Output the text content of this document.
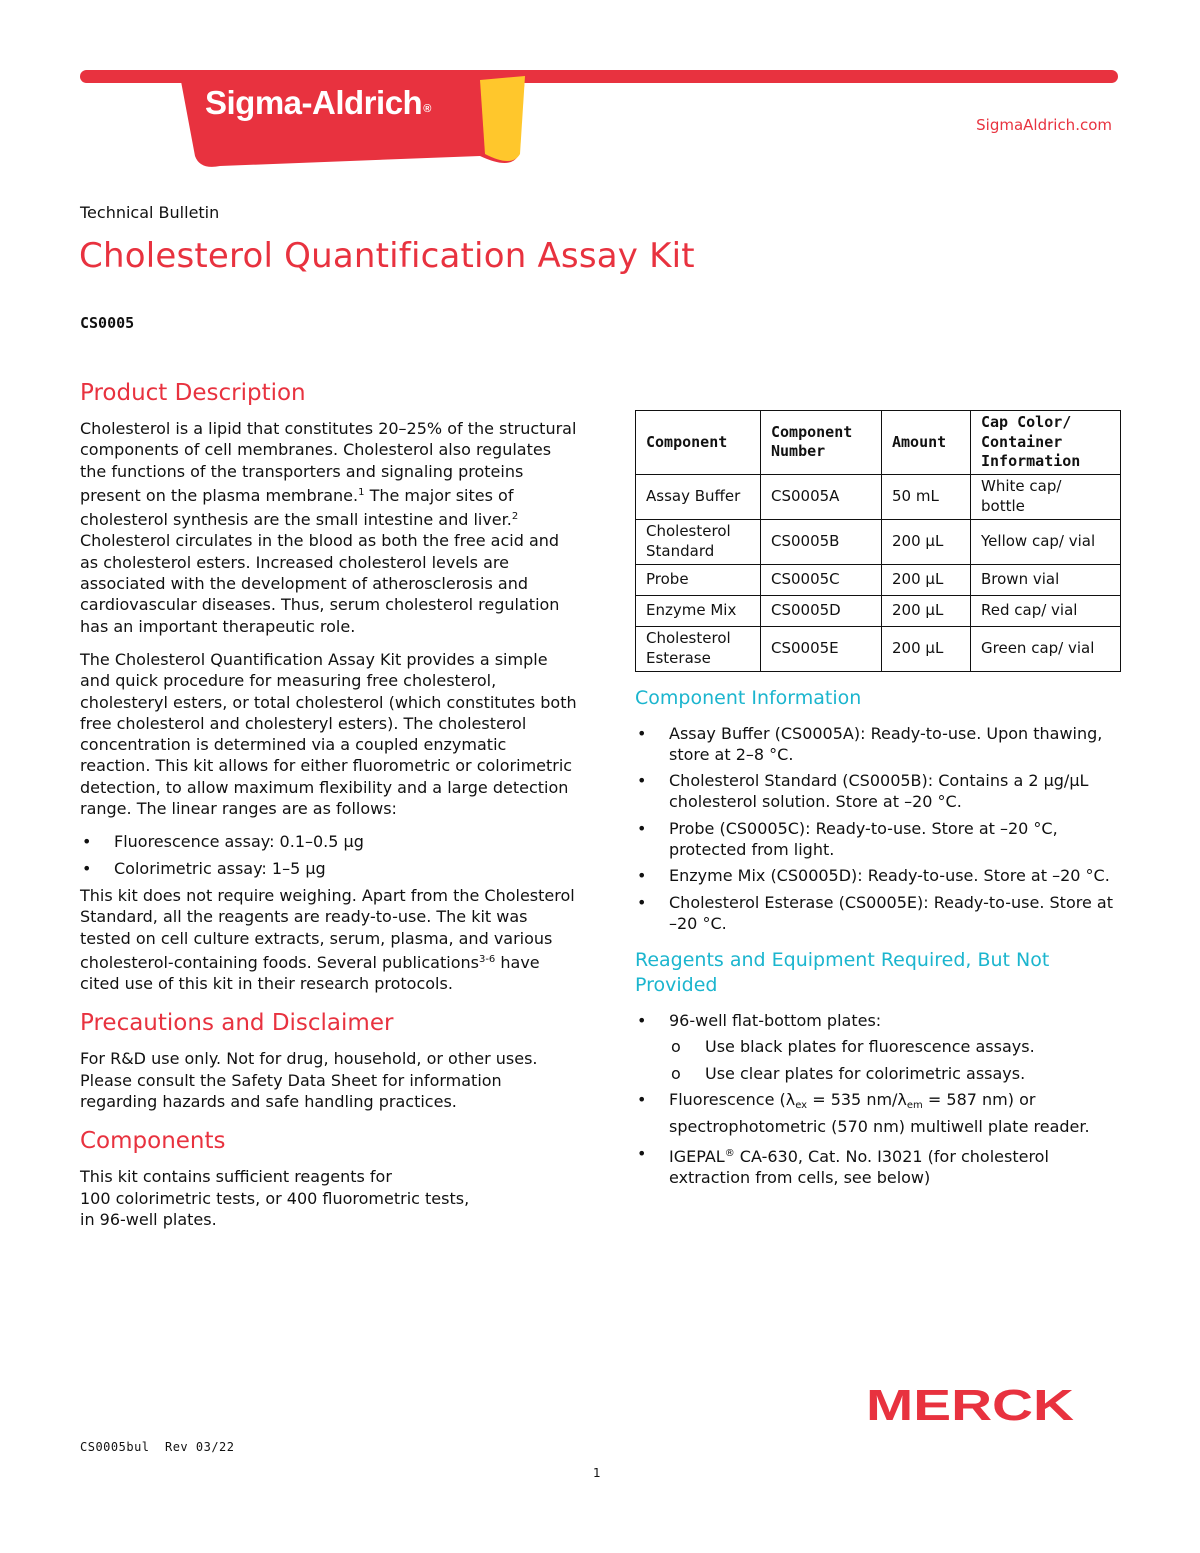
Sigma-Aldrich®
SigmaAldrich.com
Technical Bulletin
Cholesterol Quantification Assay Kit
CS0005
Product Description

Cholesterol is a lipid that constitutes 20–25% of the structural components of cell membranes. Cholesterol also regulates the functions of the transporters and signaling proteins present on the plasma membrane.$^1$ The major sites of cholesterol synthesis are the small intestine and liver.$^2$ Cholesterol circulates in the blood as both the free acid and as cholesterol esters. Increased cholesterol levels are associated with the development of atherosclerosis and cardiovascular diseases. Thus, serum cholesterol regulation has an important therapeutic role.

The Cholesterol Quantification Assay Kit provides a simple and quick procedure for measuring free cholesterol, cholesteryl esters, or total cholesterol (which constitutes both free cholesterol and cholesteryl esters). The cholesterol concentration is determined via a coupled enzymatic reaction. This kit allows for either fluorometric or colorimetric detection, to allow maximum flexibility and a large detection range. The linear ranges are as follows:

• Fluorescence assay: 0.1–0.5 µg
• Colorimetric assay: 1–5 µg

This kit does not require weighing. Apart from the Cholesterol Standard, all the reagents are ready-to-use. The kit was tested on cell culture extracts, serum, plasma, and various cholesterol-containing foods. Several publications$^{3-6}$ have cited use of this kit in their research protocols.

Precautions and Disclaimer

For R&D use only. Not for drug, household, or other uses. Please consult the Safety Data Sheet for information regarding hazards and safe handling practices.

Components

This kit contains sufficient reagents for
100 colorimetric tests, or 400 fluorometric tests,
in 96-well plates.

Component	Component Number	Amount	Cap Color/ Container Information
Assay Buffer	CS0005A	50 mL	White cap/ bottle
Cholesterol Standard	CS0005B	200 µL	Yellow cap/ vial
Probe	CS0005C	200 µL	Brown vial
Enzyme Mix	CS0005D	200 µL	Red cap/ vial
Cholesterol Esterase	CS0005E	200 µL	Green cap/ vial
Component Information
• Assay Buffer (CS0005A): Ready-to-use. Upon thawing, store at 2–8 °C.
• Cholesterol Standard (CS0005B): Contains a 2 µg/µL cholesterol solution. Store at –20 °C.
• Probe (CS0005C): Ready-to-use. Store at –20 °C, protected from light.
• Enzyme Mix (CS0005D): Ready-to-use. Store at –20 °C.
• Cholesterol Esterase (CS0005E): Ready-to-use. Store at –20 °C.
Reagents and Equipment Required, But Not Provided
• 96-well flat-bottom plates:
o Use black plates for fluorescence assays.
o Use clear plates for colorimetric assays.
• Fluorescence ($\lambda_{ex} = 535$ $nm/\lambda_{em} = 587$ nm) or spectrophotometric (570 nm) multiwell plate reader.
• IGEPAL® CA-630, Cat. No. I3021 (for cholesterol extraction from cells, see below)
MERCK
CS0005bul  Rev 03/22
1
